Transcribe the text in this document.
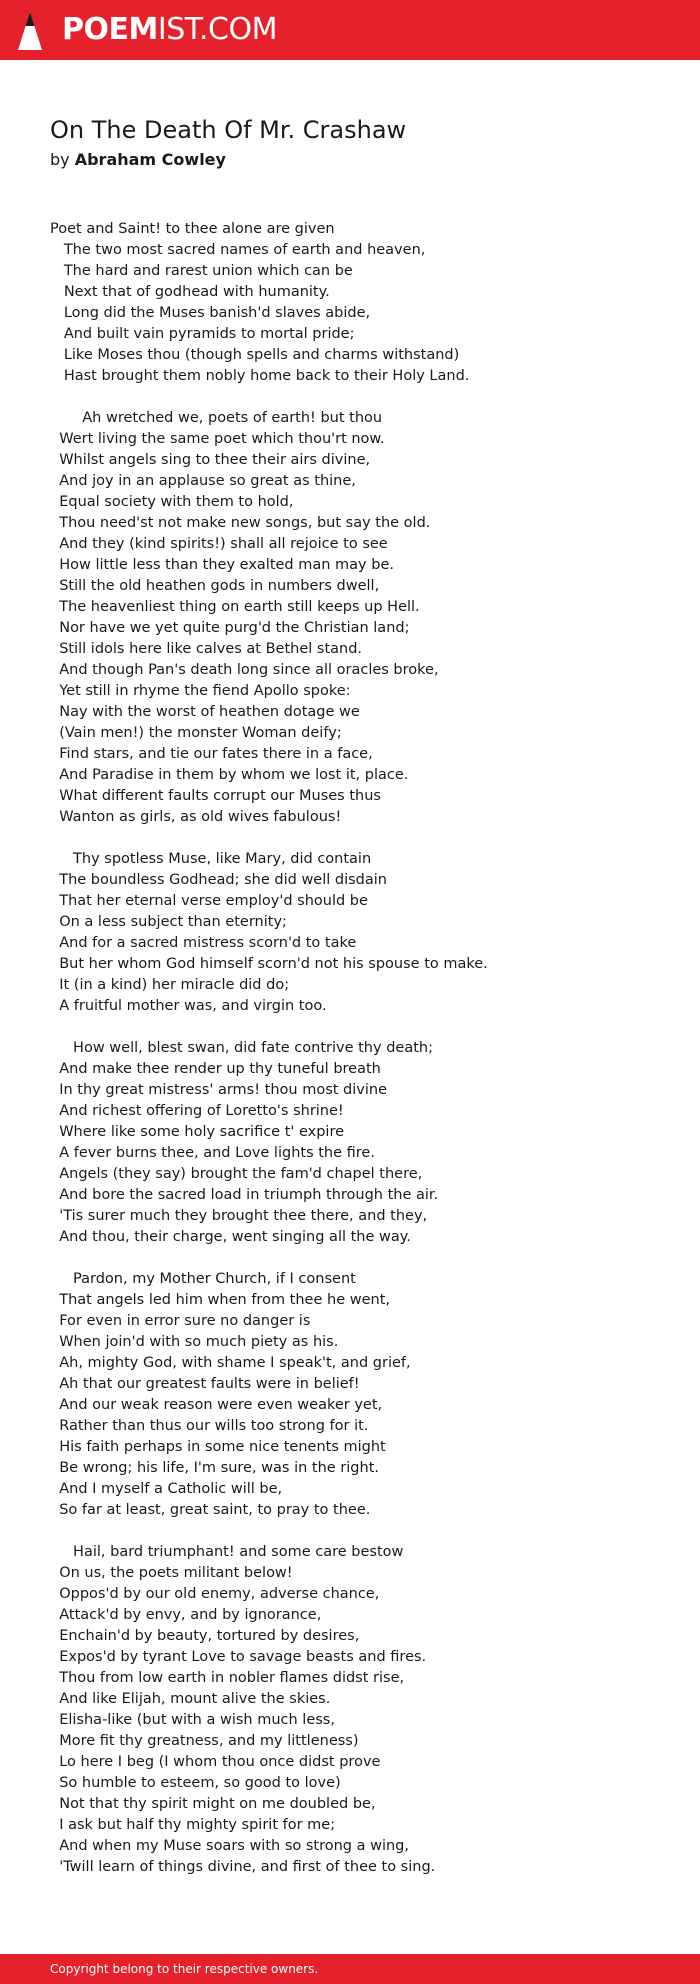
POEMIST.COM
On The Death Of Mr. Crashaw
by Abraham Cowley
Poet and Saint! to thee alone are given
The two most sacred names of earth and heaven,
The hard and rarest union which can be
Next that of godhead with humanity.
Long did the Muses banish'd slaves abide,
And built vain pyramids to mortal pride;
Like Moses thou (though spells and charms withstand)
Hast brought them nobly home back to their Holy Land.
Ah wretched we, poets of earth! but thou
Wert living the same poet which thou'rt now.
Whilst angels sing to thee their airs divine,
And joy in an applause so great as thine,
Equal society with them to hold,
Thou need'st not make new songs, but say the old.
And they (kind spirits!) shall all rejoice to see
How little less than they exalted man may be.
Still the old heathen gods in numbers dwell,
The heavenliest thing on earth still keeps up Hell.
Nor have we yet quite purg'd the Christian land;
Still idols here like calves at Bethel stand.
And though Pan's death long since all oracles broke,
Yet still in rhyme the fiend Apollo spoke:
Nay with the worst of heathen dotage we
(Vain men!) the monster Woman deify;
Find stars, and tie our fates there in a face,
And Paradise in them by whom we lost it, place.
What different faults corrupt our Muses thus
Wanton as girls, as old wives fabulous!
Thy spotless Muse, like Mary, did contain
The boundless Godhead; she did well disdain
That her eternal verse employ'd should be
On a less subject than eternity;
And for a sacred mistress scorn'd to take
But her whom God himself scorn'd not his spouse to make.
It (in a kind) her miracle did do;
A fruitful mother was, and virgin too.
How well, blest swan, did fate contrive thy death;
And make thee render up thy tuneful breath
In thy great mistress' arms! thou most divine
And richest offering of Loretto's shrine!
Where like some holy sacrifice t' expire
A fever burns thee, and Love lights the fire.
Angels (they say) brought the fam'd chapel there,
And bore the sacred load in triumph through the air.
'Tis surer much they brought thee there, and they,
And thou, their charge, went singing all the way.
Pardon, my Mother Church, if I consent
That angels led him when from thee he went,
For even in error sure no danger is
When join'd with so much piety as his.
Ah, mighty God, with shame I speak't, and grief,
Ah that our greatest faults were in belief!
And our weak reason were even weaker yet,
Rather than thus our wills too strong for it.
His faith perhaps in some nice tenents might
Be wrong; his life, I'm sure, was in the right.
And I myself a Catholic will be,
So far at least, great saint, to pray to thee.
Hail, bard triumphant! and some care bestow
On us, the poets militant below!
Oppos'd by our old enemy, adverse chance,
Attack'd by envy, and by ignorance,
Enchain'd by beauty, tortured by desires,
Expos'd by tyrant Love to savage beasts and fires.
Thou from low earth in nobler flames didst rise,
And like Elijah, mount alive the skies.
Elisha-like (but with a wish much less,
More fit thy greatness, and my littleness)
Lo here I beg (I whom thou once didst prove
So humble to esteem, so good to love)
Not that thy spirit might on me doubled be,
I ask but half thy mighty spirit for me;
And when my Muse soars with so strong a wing,
'Twill learn of things divine, and first of thee to sing.
Copyright belong to their respective owners.
